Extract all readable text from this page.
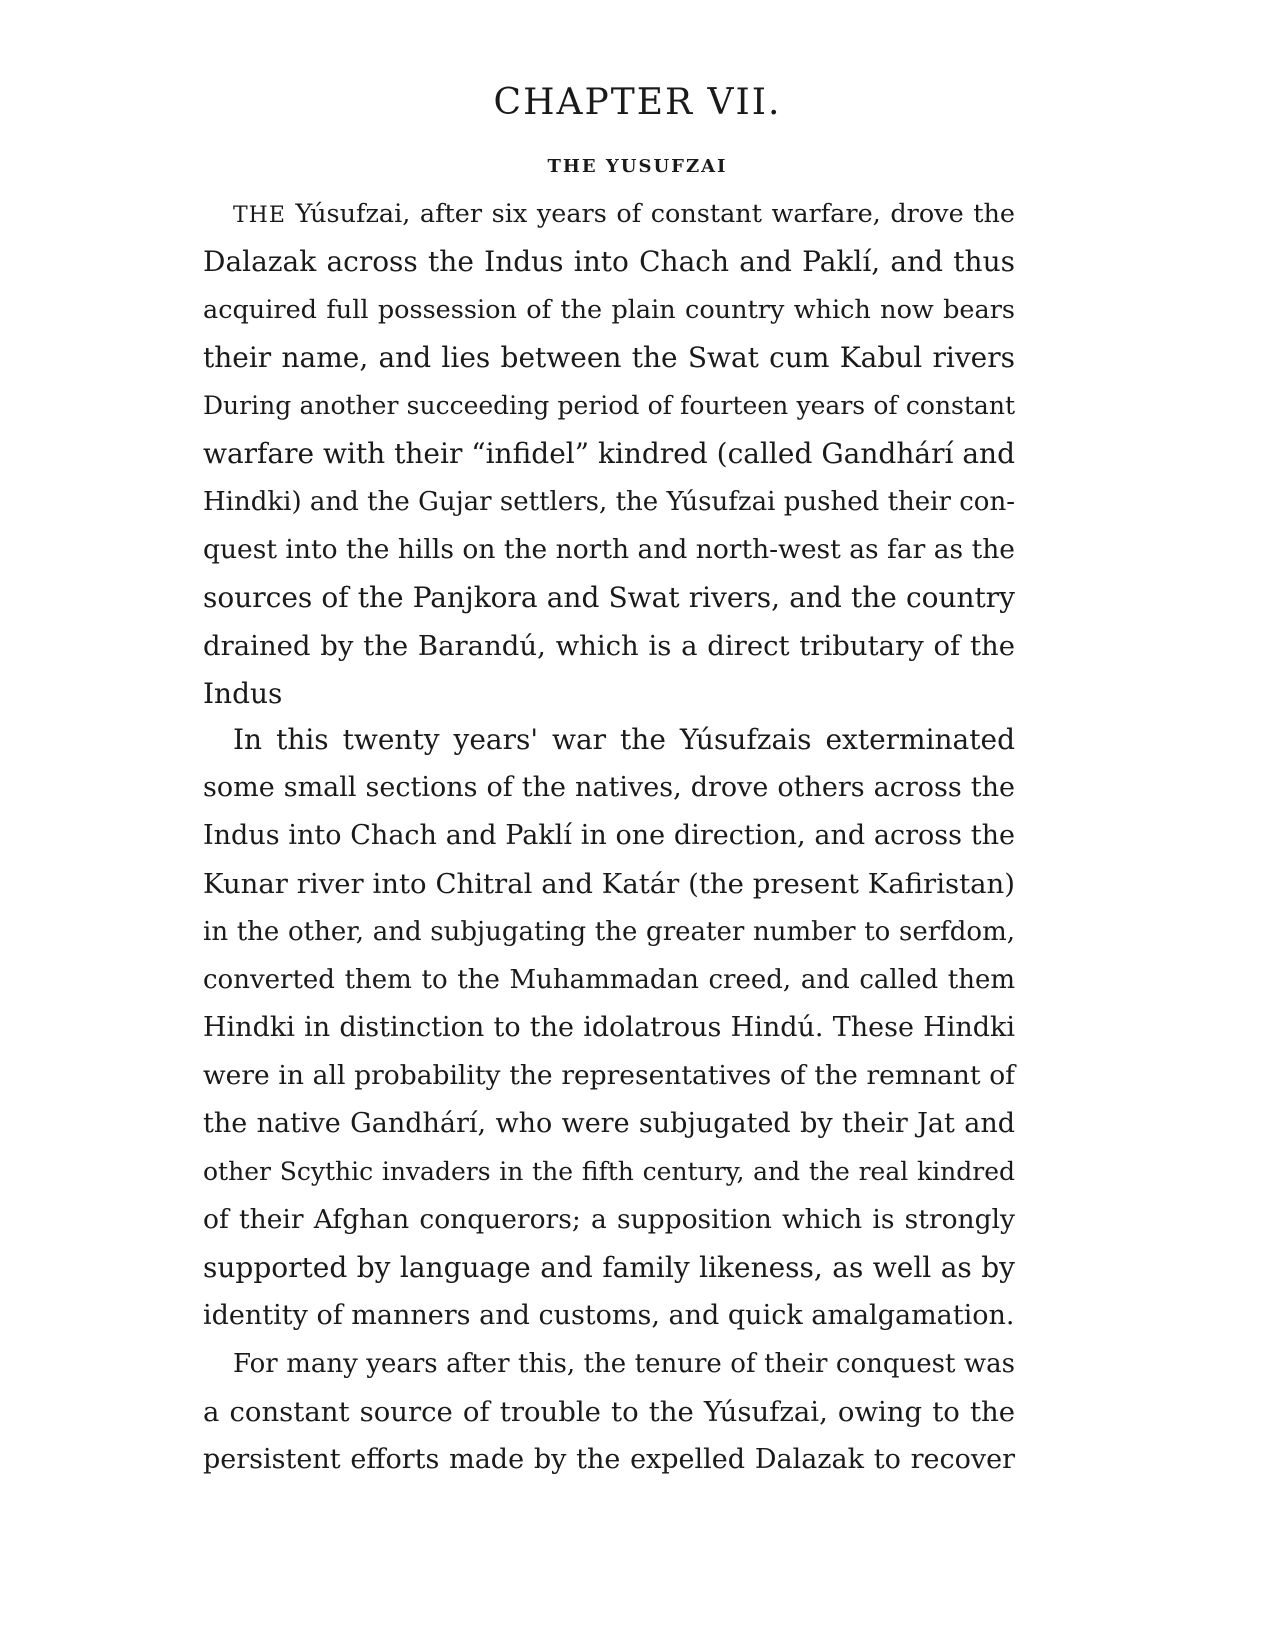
CHAPTER VII.
THE YUSUFZAI
THE Yúsufzai, after six years of constant warfare, drove the
Dalazak across the Indus into Chach and Paklí, and thus
acquired full possession of the plain country which now bears
their name, and lies between the Swat cum Kabul rivers
During another succeeding period of fourteen years of constant
warfare with their “infidel” kindred (called Gandhárí and
Hindki) and the Gujar settlers, the Yúsufzai pushed their con-
quest into the hills on the north and north-west as far as the
sources of the Panjkora and Swat rivers, and the country
drained by the Barandú, which is a direct tributary of the
Indus
In this twenty years' war the Yúsufzais exterminated
some small sections of the natives, drove others across the
Indus into Chach and Paklí in one direction, and across the
Kunar river into Chitral and Katár (the present Kafiristan)
in the other, and subjugating the greater number to serfdom,
converted them to the Muhammadan creed, and called them
Hindki in distinction to the idolatrous Hindú. These Hindki
were in all probability the representatives of the remnant of
the native Gandhárí, who were subjugated by their Jat and
other Scythic invaders in the fifth century, and the real kindred
of their Afghan conquerors; a supposition which is strongly
supported by language and family likeness, as well as by
identity of manners and customs, and quick amalgamation.
For many years after this, the tenure of their conquest was
a constant source of trouble to the Yúsufzai, owing to the
persistent efforts made by the expelled Dalazak to recover
